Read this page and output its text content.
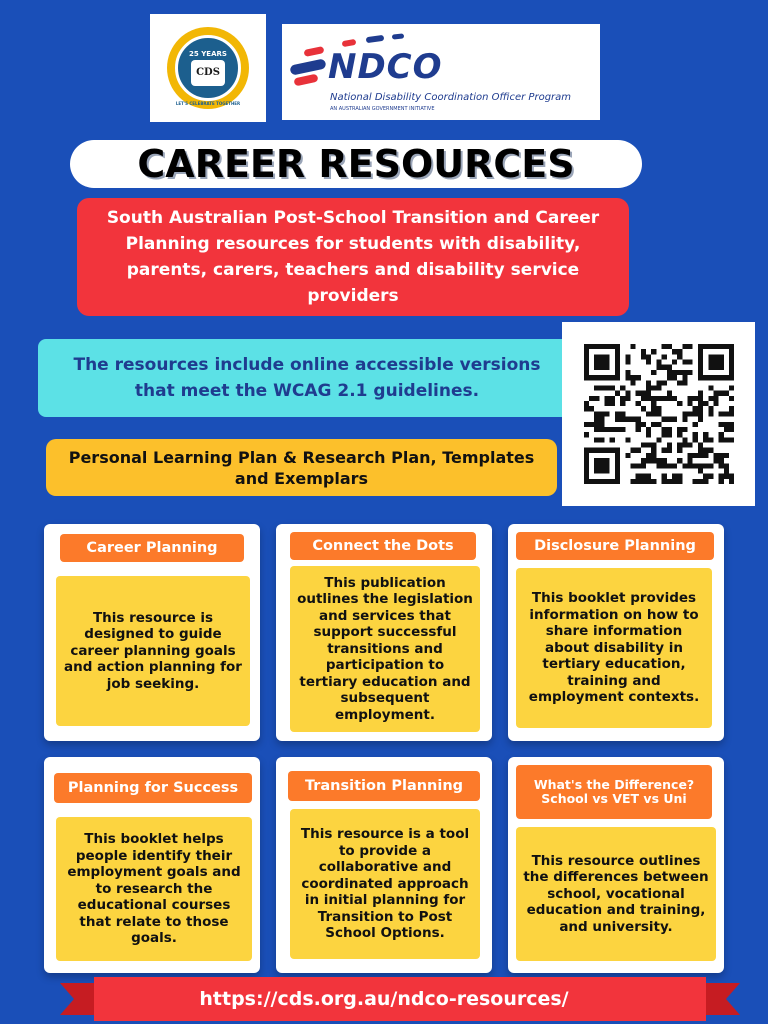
25 YEARS
CDS
LET'S CELEBRATE TOGETHER
NDCO
National Disability Coordination Officer Program
AN AUSTRALIAN GOVERNMENT INITIATIVE
CAREER RESOURCES
South Australian Post-School Transition and Career Planning resources for students with disability, parents, carers, teachers and disability service providers
The resources include online accessible versions that meet the WCAG 2.1 guidelines.
Personal Learning Plan & Research Plan, Templates and Exemplars
Career Planning
This resource is designed to guide career planning goals and action planning for job seeking.
Connect the Dots
This publication outlines the legislation and services that support successful transitions and participation to tertiary education and subsequent employment.
Disclosure Planning
This booklet provides information on how to share information about disability in tertiary education, training and employment contexts.
Planning for Success
This booklet helps people identify their employment goals and to research the educational courses that relate to those goals.
Transition Planning
This resource is a tool to provide a collaborative and coordinated approach in initial planning for Transition to Post School Options.
What's the Difference? School vs VET vs Uni
This resource outlines the differences between school, vocational education and training, and university.
https://cds.org.au/ndco-resources/
